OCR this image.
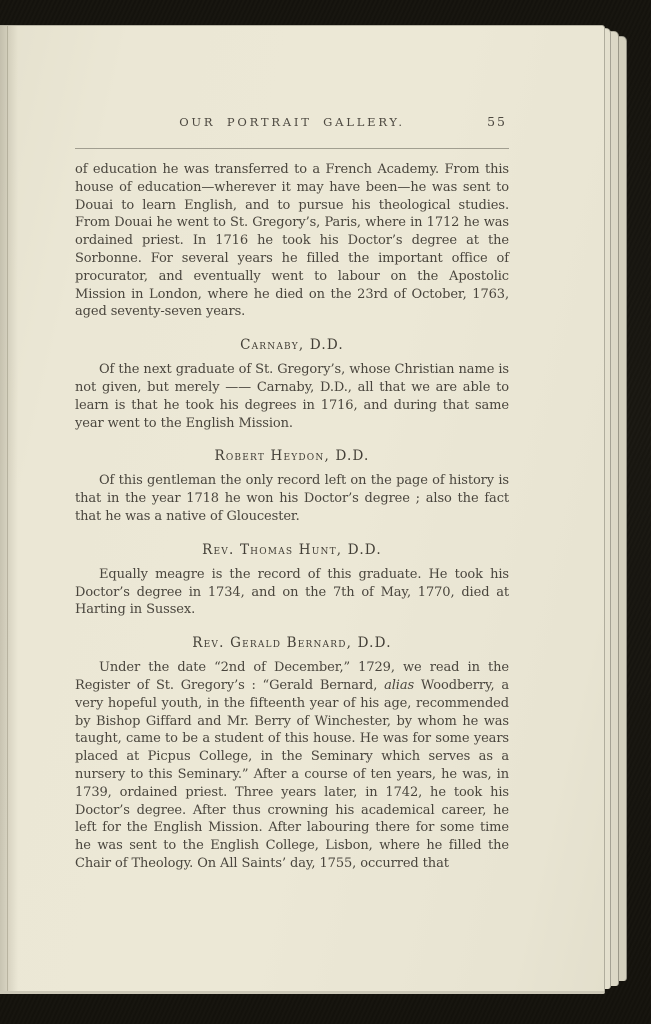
OUR PORTRAIT GALLERY.	55

of education he was transferred to a French Academy. From this house of education—wherever it may have been—he was sent to Douai to learn English, and to pursue his theological studies. From Douai he went to St. Gregory’s, Paris, where in 1712 he was ordained priest. In 1716 he took his Doctor’s degree at the Sorbonne. For several years he filled the important office of procurator, and eventually went to labour on the Apostolic Mission in London, where he died on the 23rd of October, 1763, aged seventy-seven years.

Carnaby, D.D.

Of the next graduate of St. Gregory’s, whose Christian name is not given, but merely —— Carnaby, D.D., all that we are able to learn is that he took his degrees in 1716, and during that same year went to the English Mission.

Robert Heydon, D.D.

Of this gentleman the only record left on the page of history is that in the year 1718 he won his Doctor’s degree ; also the fact that he was a native of Gloucester.

Rev. Thomas Hunt, D.D.

Equally meagre is the record of this graduate. He took his Doctor’s degree in 1734, and on the 7th of May, 1770, died at Harting in Sussex.

Rev. Gerald Bernard, D.D.

Under the date “2nd of December,” 1729, we read in the Register of St. Gregory’s : “Gerald Bernard, alias Woodberry, a very hopeful youth, in the fifteenth year of his age, recommended by Bishop Giffard and Mr. Berry of Winchester, by whom he was taught, came to be a student of this house. He was for some years placed at Picpus College, in the Seminary which serves as a nursery to this Seminary.” After a course of ten years, he was, in 1739, ordained priest. Three years later, in 1742, he took his Doctor’s degree. After thus crowning his academical career, he left for the English Mission. After labouring there for some time he was sent to the English College, Lisbon, where he filled the Chair of Theology. On All Saints’ day, 1755, occurred that
